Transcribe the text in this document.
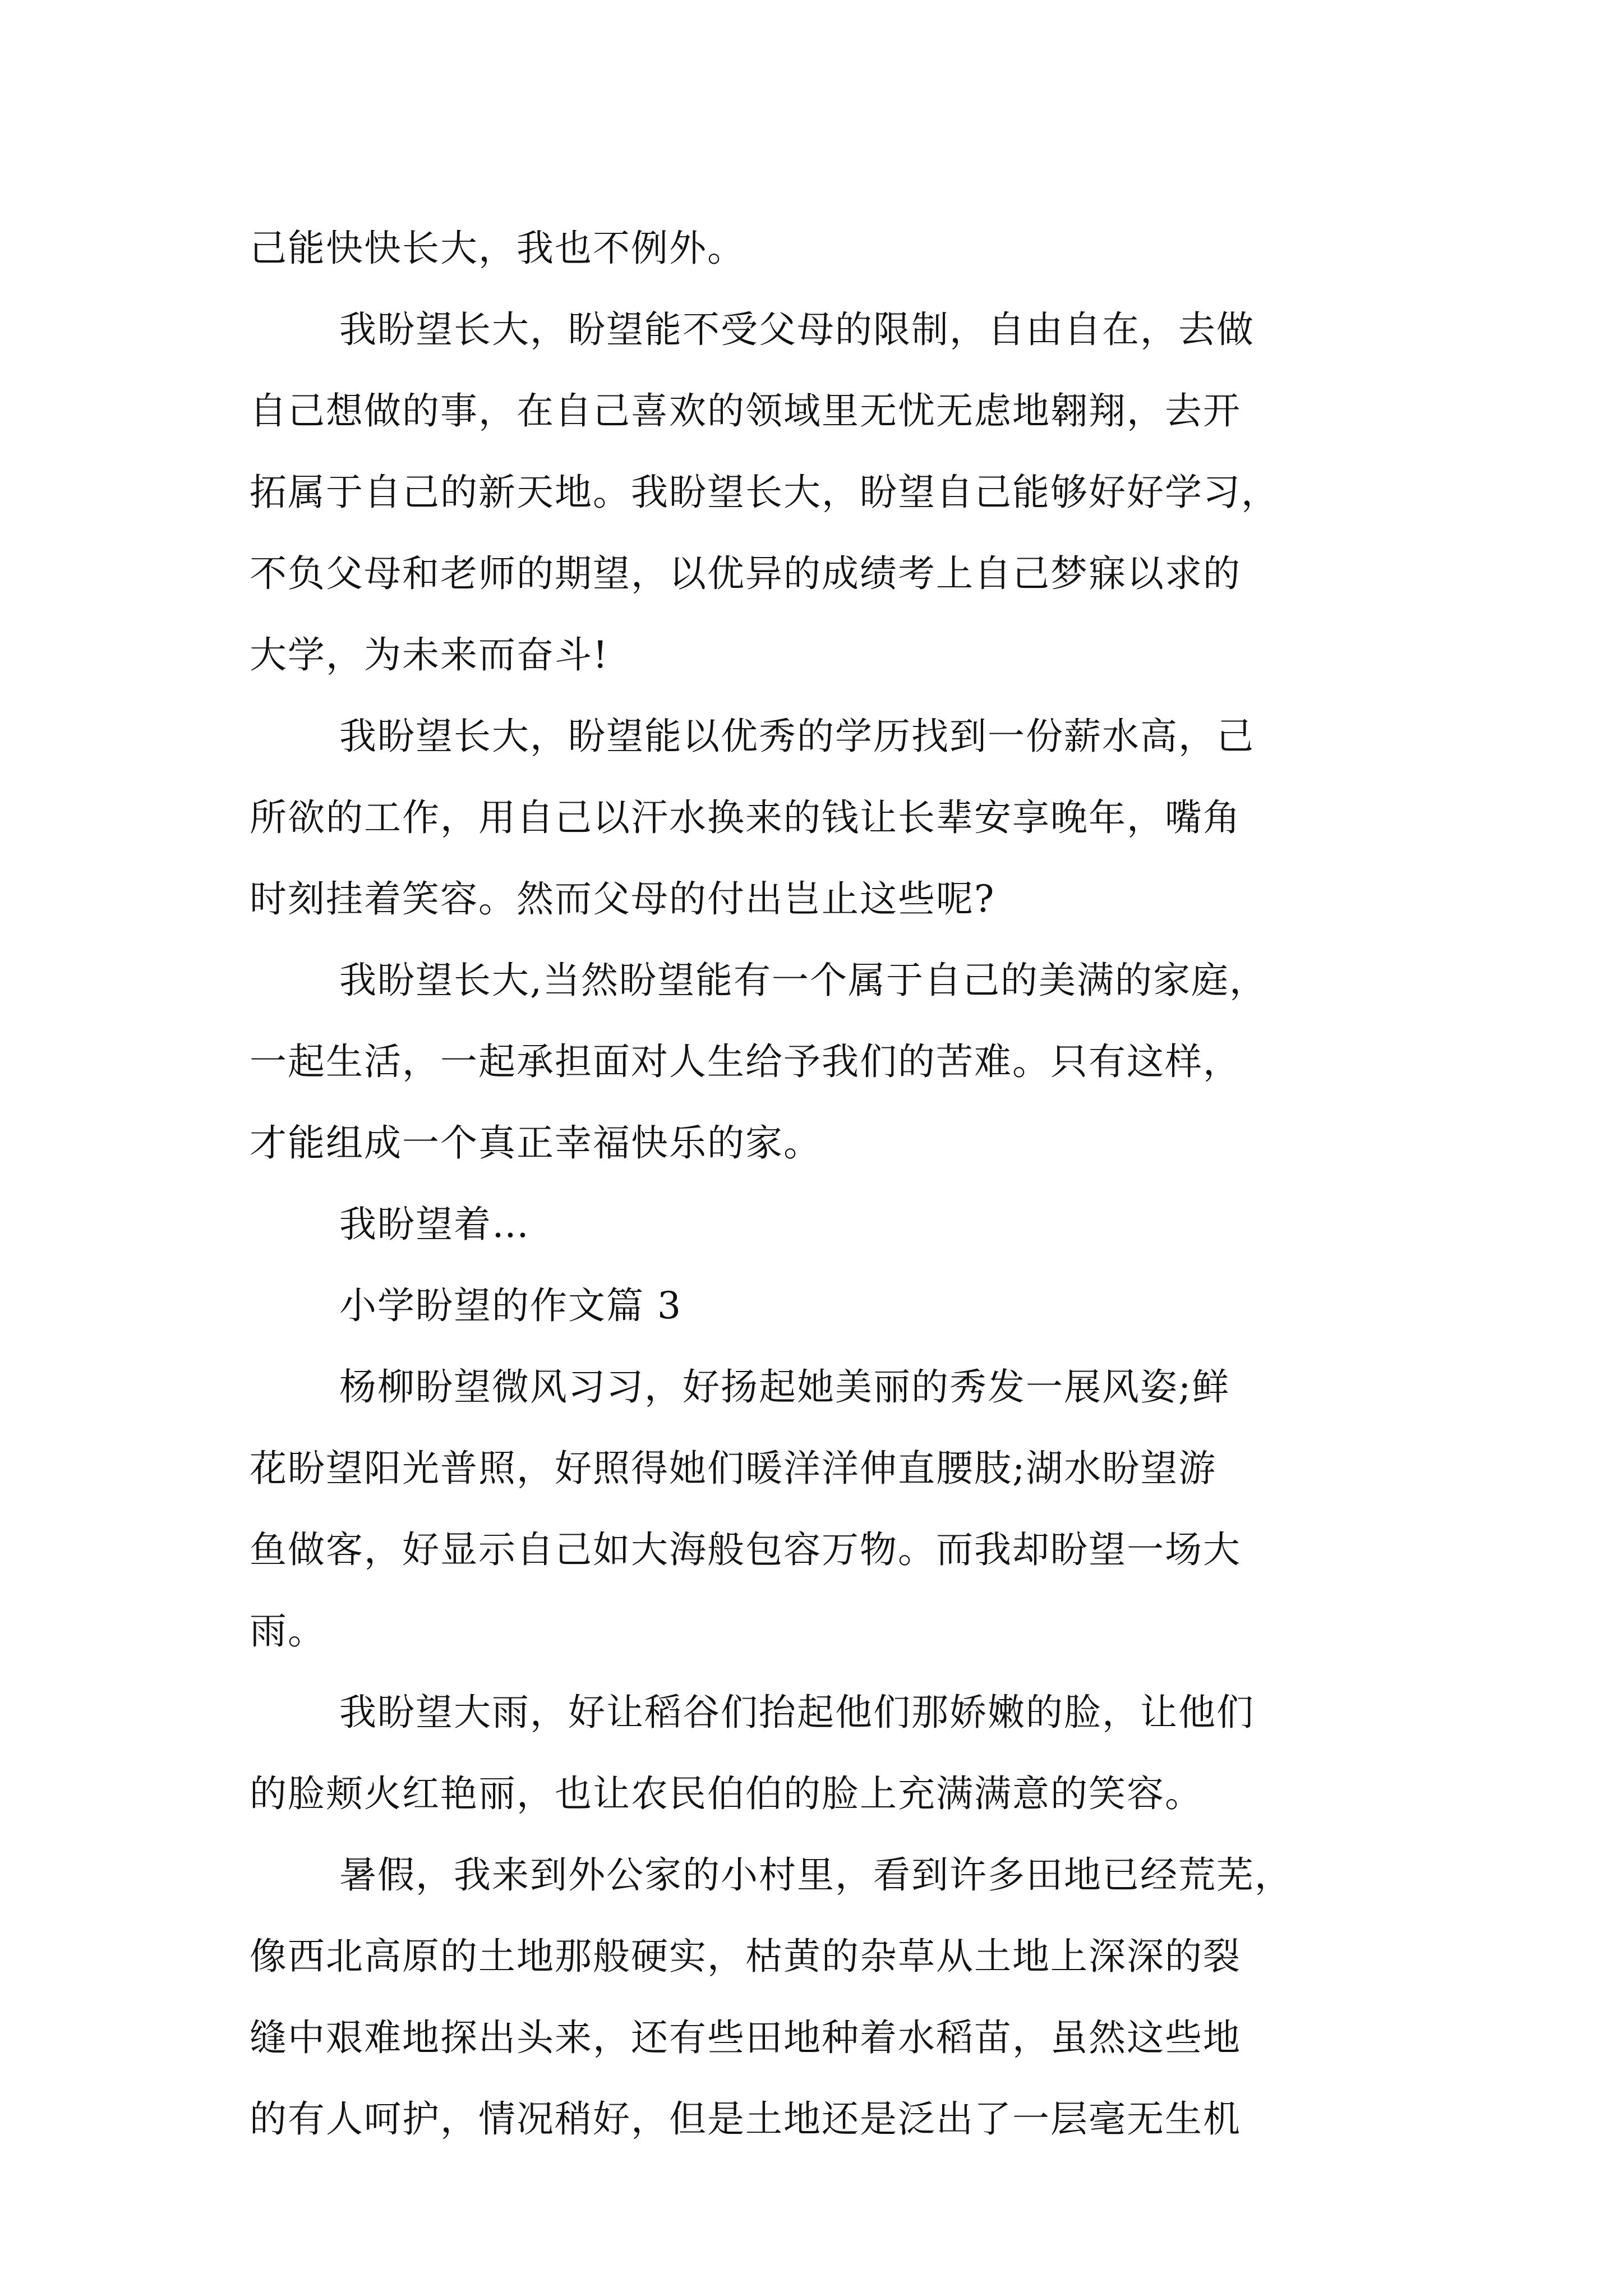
己能快快长大，我也不例外。
我盼望长大，盼望能不受父母的限制，自由自在，去做
自己想做的事，在自己喜欢的领域里无忧无虑地翱翔，去开
拓属于自己的新天地。我盼望长大，盼望自己能够好好学习，
不负父母和老师的期望，以优异的成绩考上自己梦寐以求的
大学，为未来而奋斗!
我盼望长大，盼望能以优秀的学历找到一份薪水高，己
所欲的工作，用自己以汗水换来的钱让长辈安享晚年，嘴角
时刻挂着笑容。然而父母的付出岂止这些呢?
我盼望长大,当然盼望能有一个属于自己的美满的家庭，
一起生活，一起承担面对人生给予我们的苦难。只有这样，
才能组成一个真正幸福快乐的家。
我盼望着…
小学盼望的作文篇 3
杨柳盼望微风习习，好扬起她美丽的秀发一展风姿;鲜
花盼望阳光普照，好照得她们暖洋洋伸直腰肢;湖水盼望游
鱼做客，好显示自己如大海般包容万物。而我却盼望一场大
雨。
我盼望大雨，好让稻谷们抬起他们那娇嫩的脸，让他们
的脸颊火红艳丽，也让农民伯伯的脸上充满满意的笑容。
暑假，我来到外公家的小村里，看到许多田地已经荒芜，
像西北高原的土地那般硬实，枯黄的杂草从土地上深深的裂
缝中艰难地探出头来，还有些田地种着水稻苗，虽然这些地
的有人呵护，情况稍好，但是土地还是泛出了一层毫无生机
